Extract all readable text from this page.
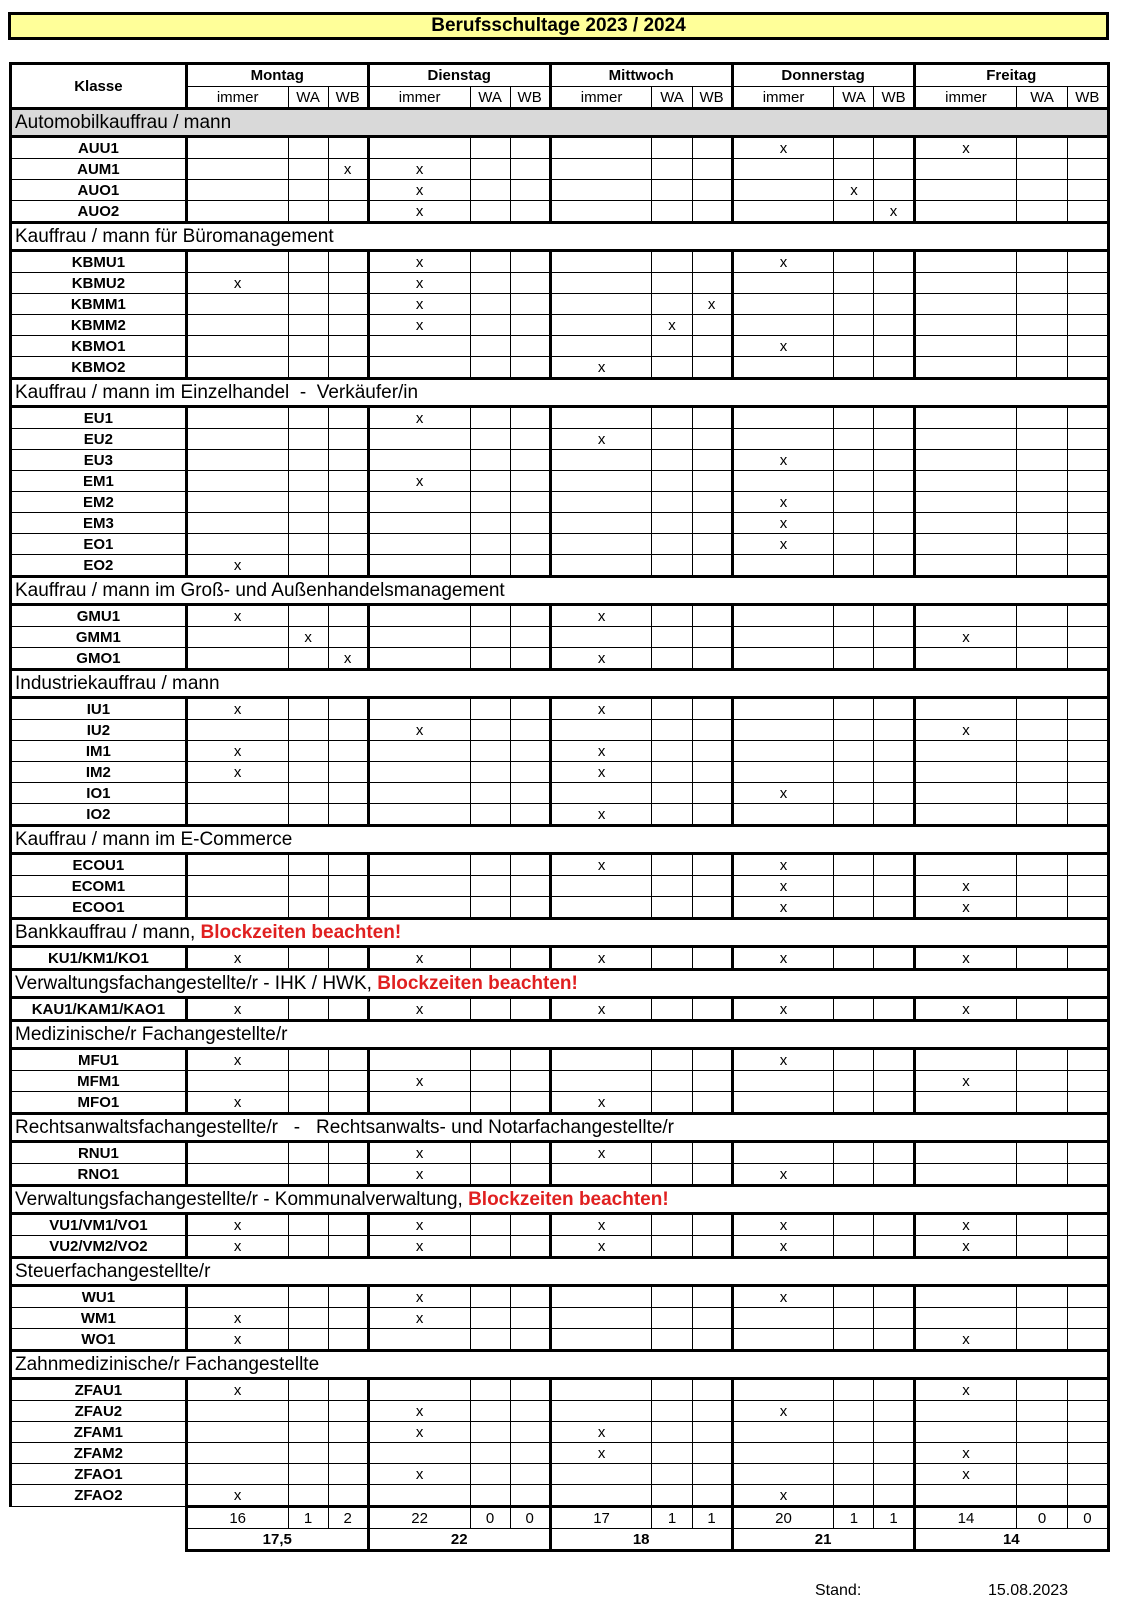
Berufsschultage 2023 / 2024
Klasse	Montag			Dienstag			Mittwoch			Donnerstag			Freitag		
	immer	WA	WB	immer	WA	WB	immer	WA	WB	immer	WA	WB	immer	WA	WB
Automobilkauffrau / mann															
AUU1										x			x		
AUM1			x	x											
AUO1				x							x				
AUO2				x								x			
Kauffrau / mann für Büromanagement															
KBMU1				x						x					
KBMU2	x			x											
KBMM1				x					x						
KBMM2				x				x							
KBMO1										x					
KBMO2							x								
Kauffrau / mann im Einzelhandel  -  Verkäufer/in															
EU1				x											
EU2							x								
EU3										x					
EM1				x											
EM2										x					
EM3										x					
EO1										x					
EO2	x														
Kauffrau / mann im Groß- und Außenhandelsmanagement															
GMU1	x						x								
GMM1		x											x		
GMO1			x				x								
Industriekauffrau / mann															
IU1	x						x								
IU2				x									x		
IM1	x						x								
IM2	x						x								
IO1										x					
IO2							x								
Kauffrau / mann im E-Commerce															
ECOU1							x			x					
ECOM1										x			x		
ECOO1										x			x		
Bankkauffrau / mann, Blockzeiten beachten!															
KU1/KM1/KO1	x			x			x			x			x		
Verwaltungsfachangestellte/r - IHK / HWK, Blockzeiten beachten!															
KAU1/KAM1/KAO1	x			x			x			x			x		
Medizinische/r Fachangestellte/r															
MFU1	x									x					
MFM1				x									x		
MFO1	x						x								
Rechtsanwaltsfachangestellte/r   -   Rechtsanwalts- und Notarfachangestellte/r															
RNU1				x			x								
RNO1				x						x					
Verwaltungsfachangestellte/r - Kommunalverwaltung, Blockzeiten beachten!															
VU1/VM1/VO1	x			x			x			x			x		
VU2/VM2/VO2	x			x			x			x			x		
Steuerfachangestellte/r															
WU1				x						x					
WM1	x			x											
WO1	x												x		
Zahnmedizinische/r Fachangestellte															
ZFAU1	x												x		
ZFAU2				x						x					
ZFAM1				x			x								
ZFAM2							x						x		
ZFAO1				x									x		
ZFAO2	x									x					
	16	1	2	22	0	0	17	1	1	20	1	1	14	0	0
	17,5			22			18			21			14		
Stand:	15.08.2023
